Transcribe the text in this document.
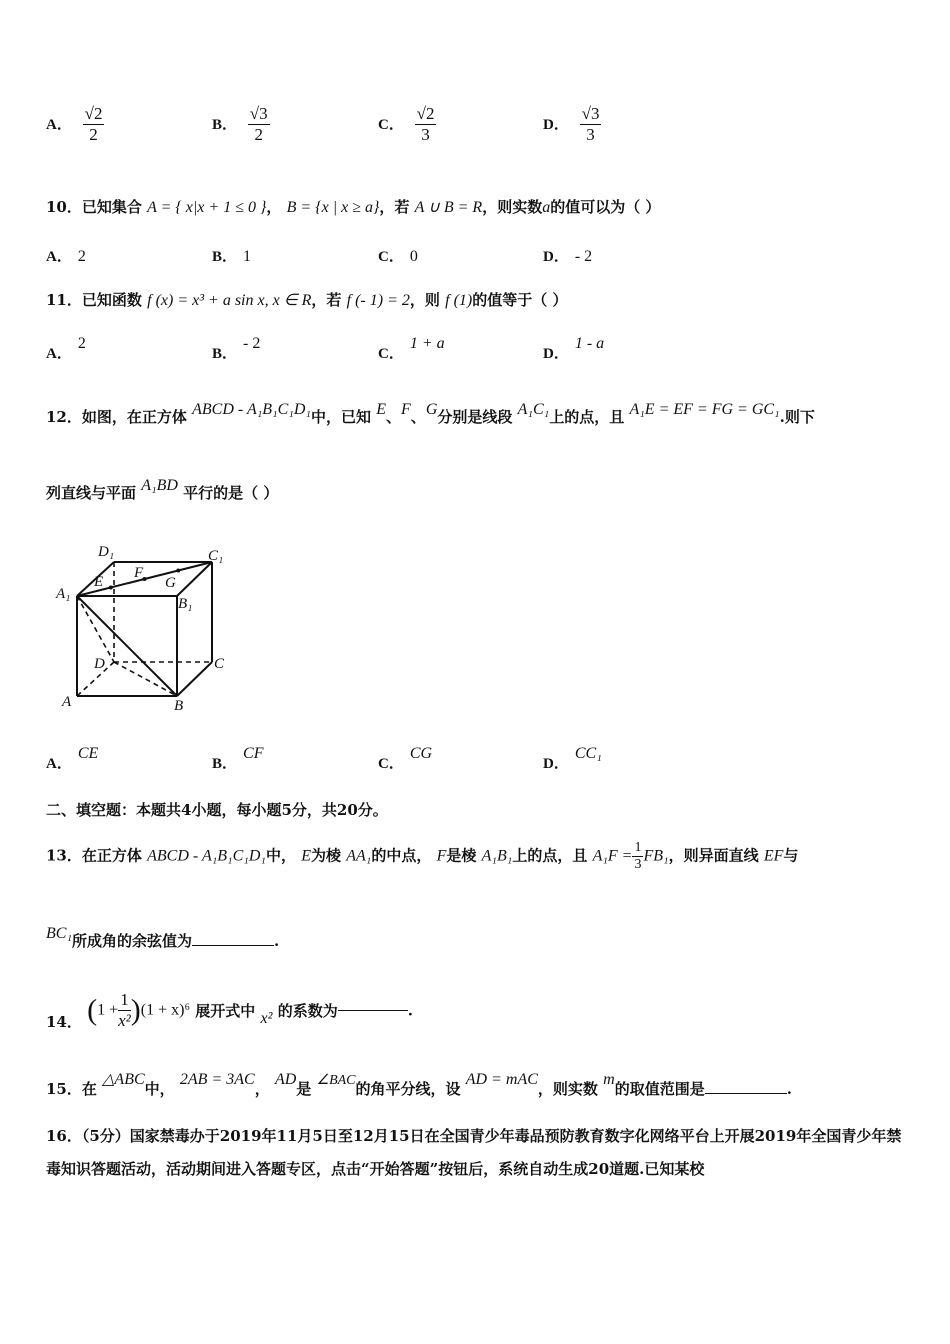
A． $\frac{√2}{2}$	B． $\frac{√3}{2}$	C． $\frac{√2}{3}$	D． $\frac{√3}{3}$
10．已知集合 A = { x|x + 1 ≤ 0 }， B = {x | x ≥ a}，若 A ∪ B = R，则实数a的值可以为（ ）
A． 2	B． 1	C． 0	D． - 2
11．已知函数 f (x) = x³ + a sin x, x ∈ R，若 f (- 1) = 2，则 f (1)的值等于（ ）
A．2
B．- 2
C．1 + a
D．1 - a
12．如图，在正方体 ABCD - A₁B₁C₁D₁中，已知 E、F、G分别是线段 A₁C₁上的点，且 A₁E = EF = FG = GC₁.则下
列直线与平面 A₁BD 平行的是（ ）
D₁	C₁
A₁
E
F
G
B₁
D	C
A	B
A．CE
B．CF
C．CG
D．CC₁
二、填空题：本题共4小题，每小题5分，共20分。
13．在正方体 ABCD - A₁B₁C₁D₁中， E为棱 AA₁的中点， F是棱 A₁B₁上的点，且 $A_1F = \frac{1}{3} FB_1$，则异面直线 EF与
BC₁所成角的余弦值为	.
14． $(1 + \frac{1}{\text{x²}} )(1 + x)^6$ 展开式中 x² 的系数为	.
15．在 △ABC中， 2AB = 3AC， AD是 ∠BAC的角平分线，设 AD = mAC，则实数 m的取值范围是	.
16．（5分）国家禁毒办于2019年11月5日至12月15日在全国青少年毒品预防教育数字化网络平台上开展2019年全国青少年禁毒知识答题活动，活动期间进入答题专区，点击“开始答题”按钮后，系统自动生成20道题.已知某校
